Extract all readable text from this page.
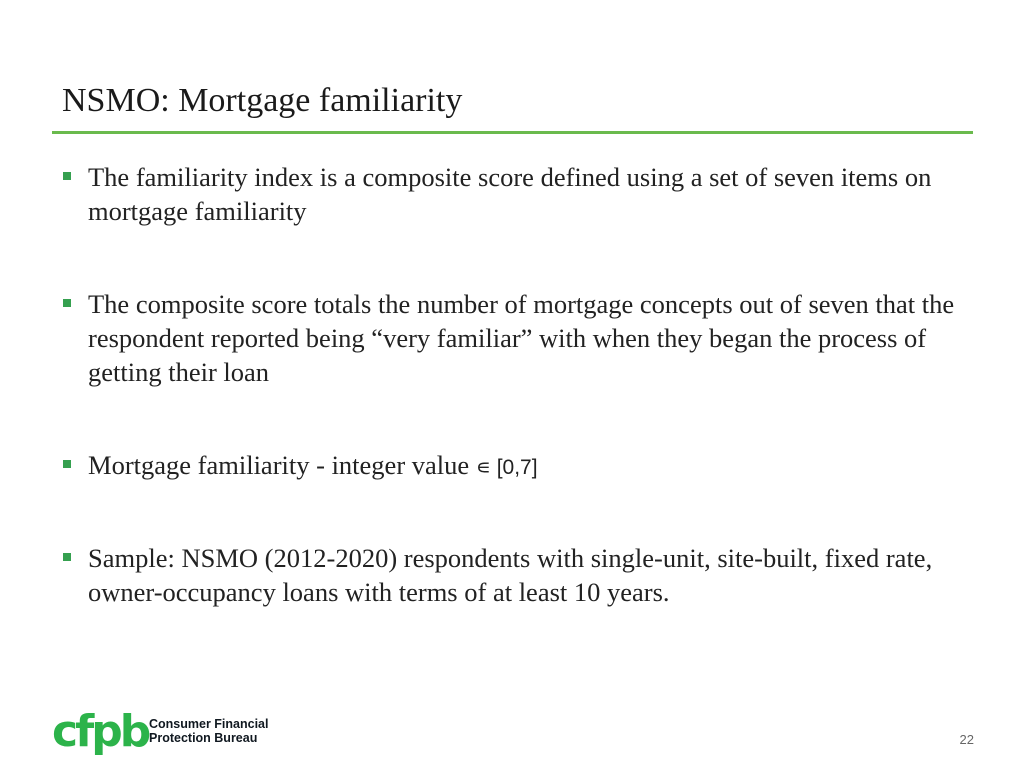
NSMO: Mortgage familiarity
The familiarity index is a composite score defined using a set of seven items on mortgage familiarity
The composite score totals the number of mortgage concepts out of seven that the respondent reported being “very familiar” with when they began the process of getting their loan
Mortgage familiarity - integer value ∊ [0,7]
Sample: NSMO (2012-2020) respondents with single-unit, site-built, fixed rate, owner-occupancy loans with terms of at least 10 years.
cfpb Consumer Financial
Protection Bureau	22
